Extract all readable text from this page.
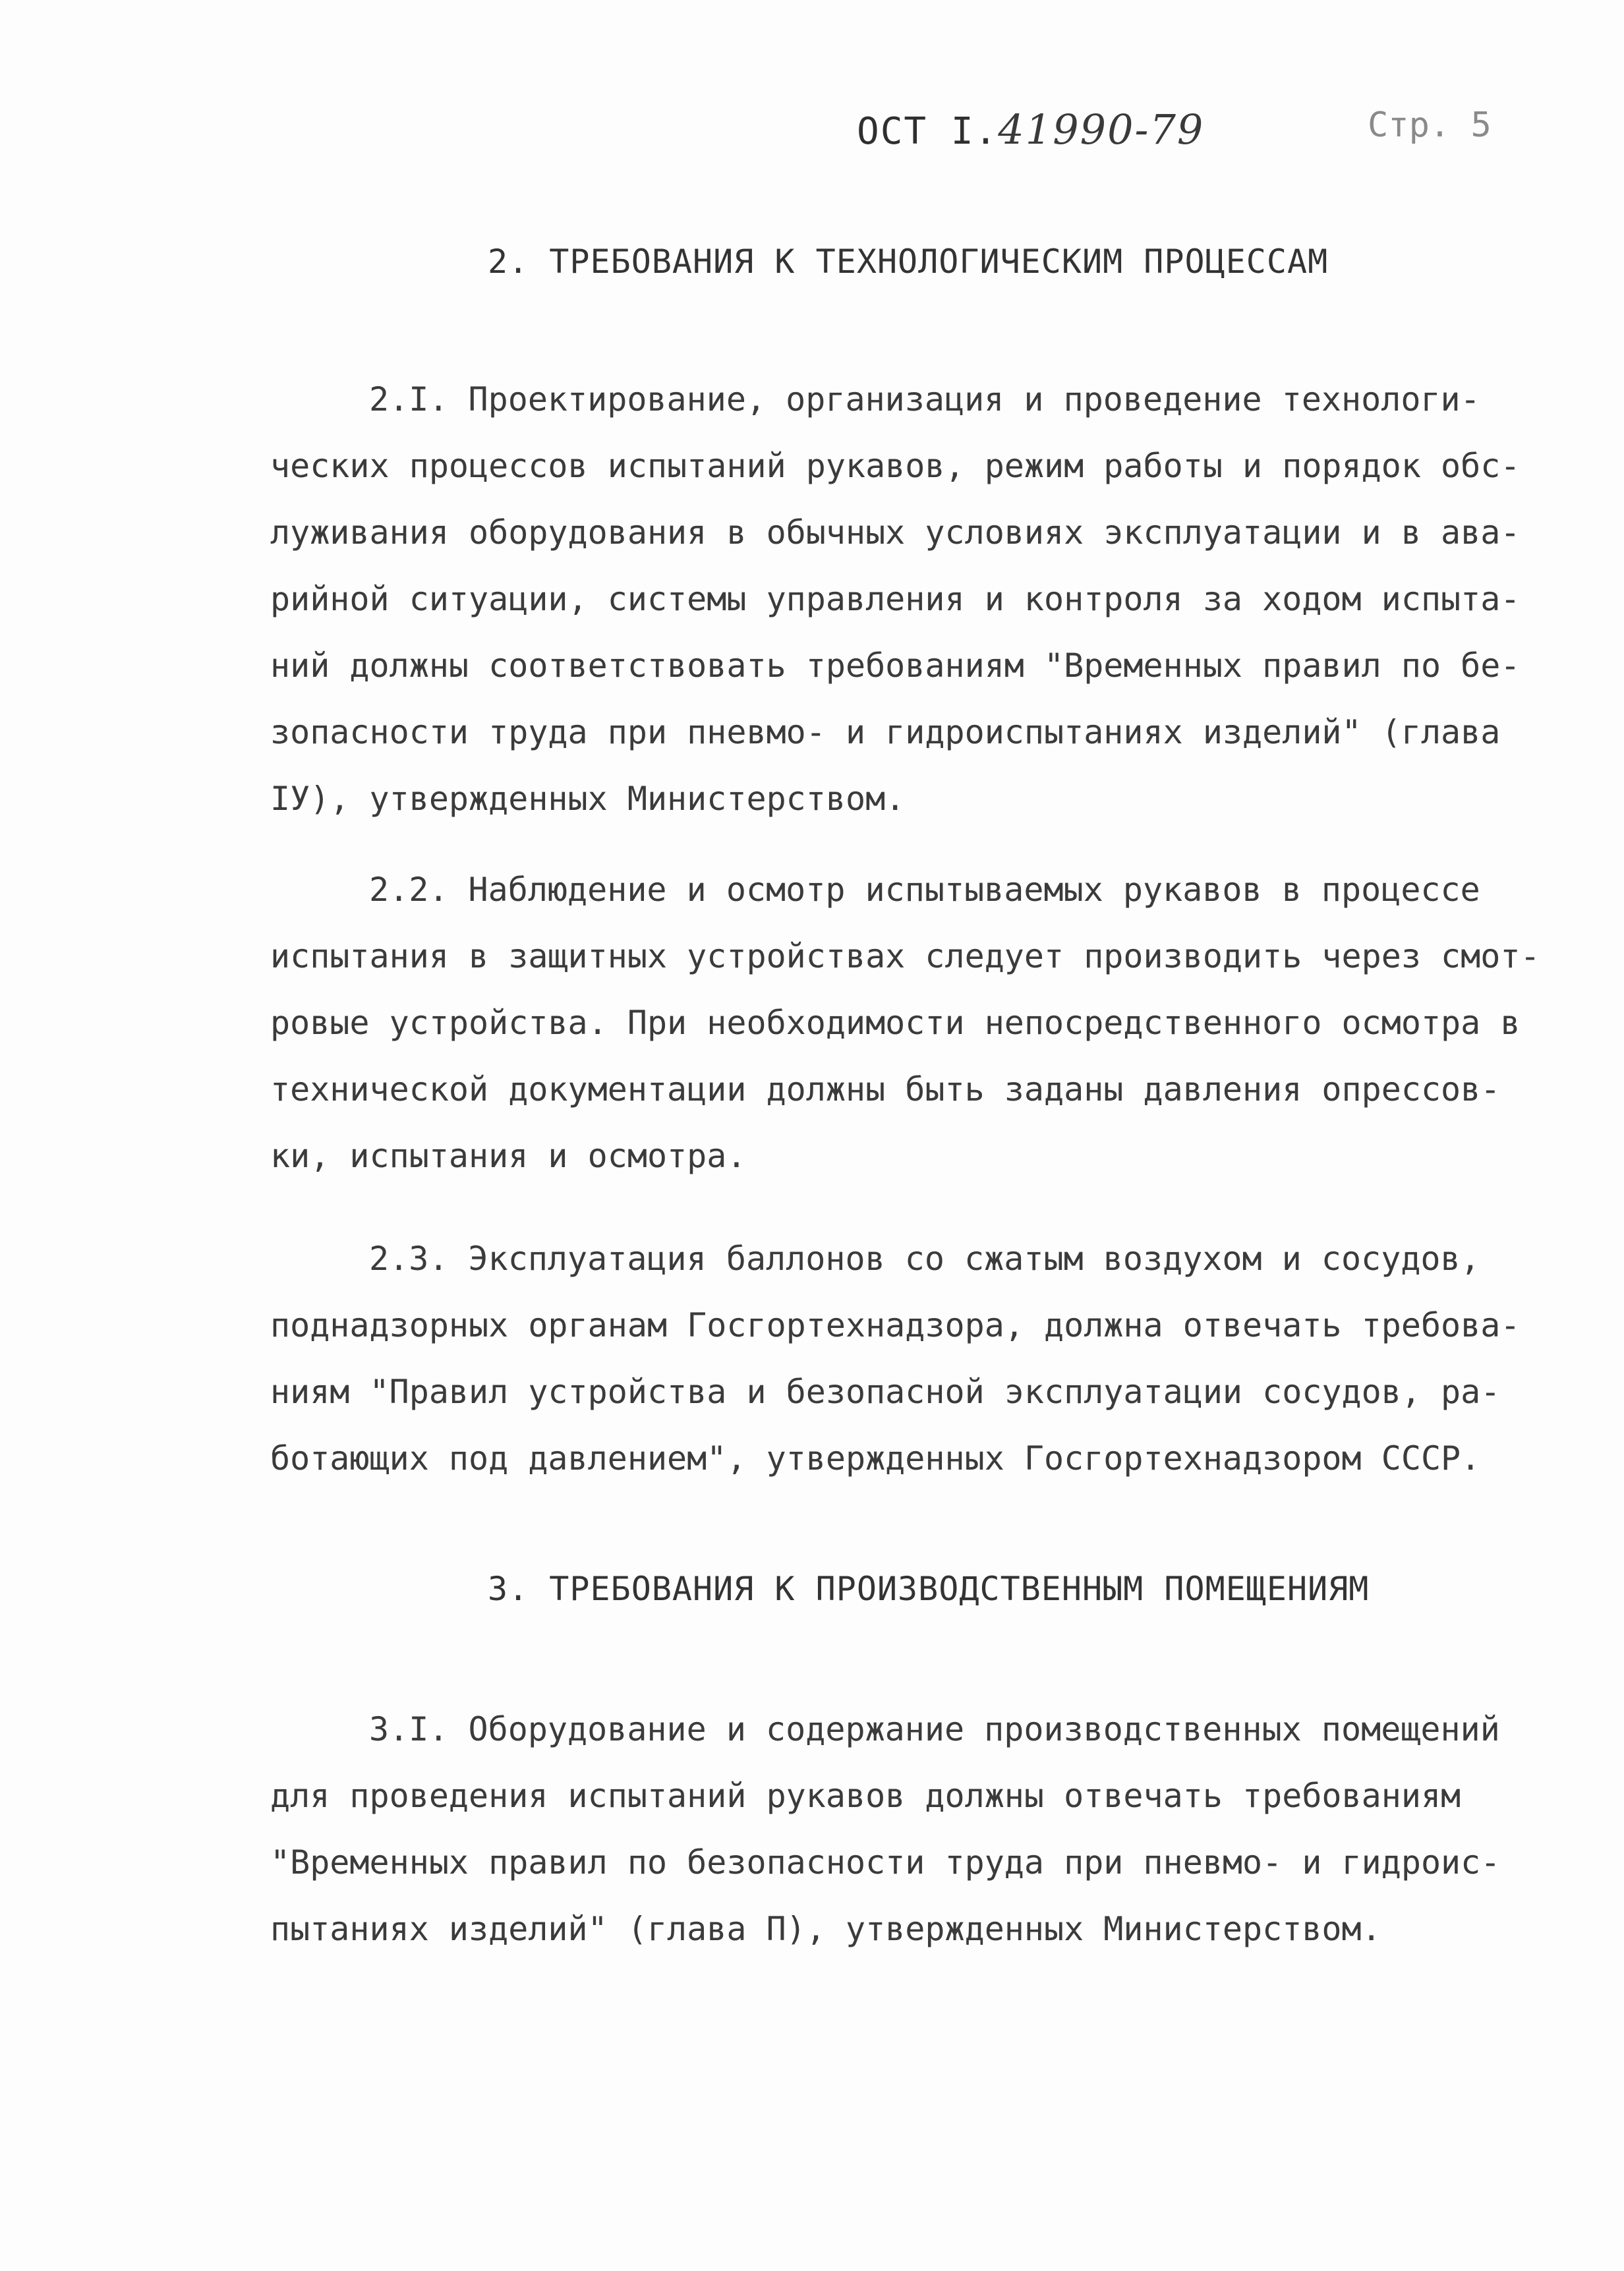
ОСТ І.41990-79	Стр. 5
2. ТРЕБОВАНИЯ К ТЕХНОЛОГИЧЕСКИМ ПРОЦЕССАМ
2.І. Проектирование, организация и проведение технологи-
ческих процессов испытаний рукавов, режим работы и порядок обс-
луживания оборудования в обычных условиях эксплуатации и в ава-
рийной ситуации, системы управления и контроля за ходом испыта-
ний должны соответствовать требованиям "Временных правил по бе-
зопасности труда при пневмо- и гидроиспытаниях изделий" (глава
ІУ), утвержденных Министерством.
2.2. Наблюдение и осмотр испытываемых рукавов в процессе
испытания в защитных устройствах следует производить через смот-
ровые устройства. При необходимости непосредственного осмотра в
технической документации должны быть заданы давления опрессов-
ки, испытания и осмотра.
2.3. Эксплуатация баллонов со сжатым воздухом и сосудов,
поднадзорных органам Госгортехнадзора, должна отвечать требова-
ниям "Правил устройства и безопасной эксплуатации сосудов, ра-
ботающих под давлением", утвержденных Госгортехнадзором СССР.
3. ТРЕБОВАНИЯ К ПРОИЗВОДСТВЕННЫМ ПОМЕЩЕНИЯМ
3.І. Оборудование и содержание производственных помещений
для проведения испытаний рукавов должны отвечать требованиям
"Временных правил по безопасности труда при пневмо- и гидроис-
пытаниях изделий" (глава П), утвержденных Министерством.
